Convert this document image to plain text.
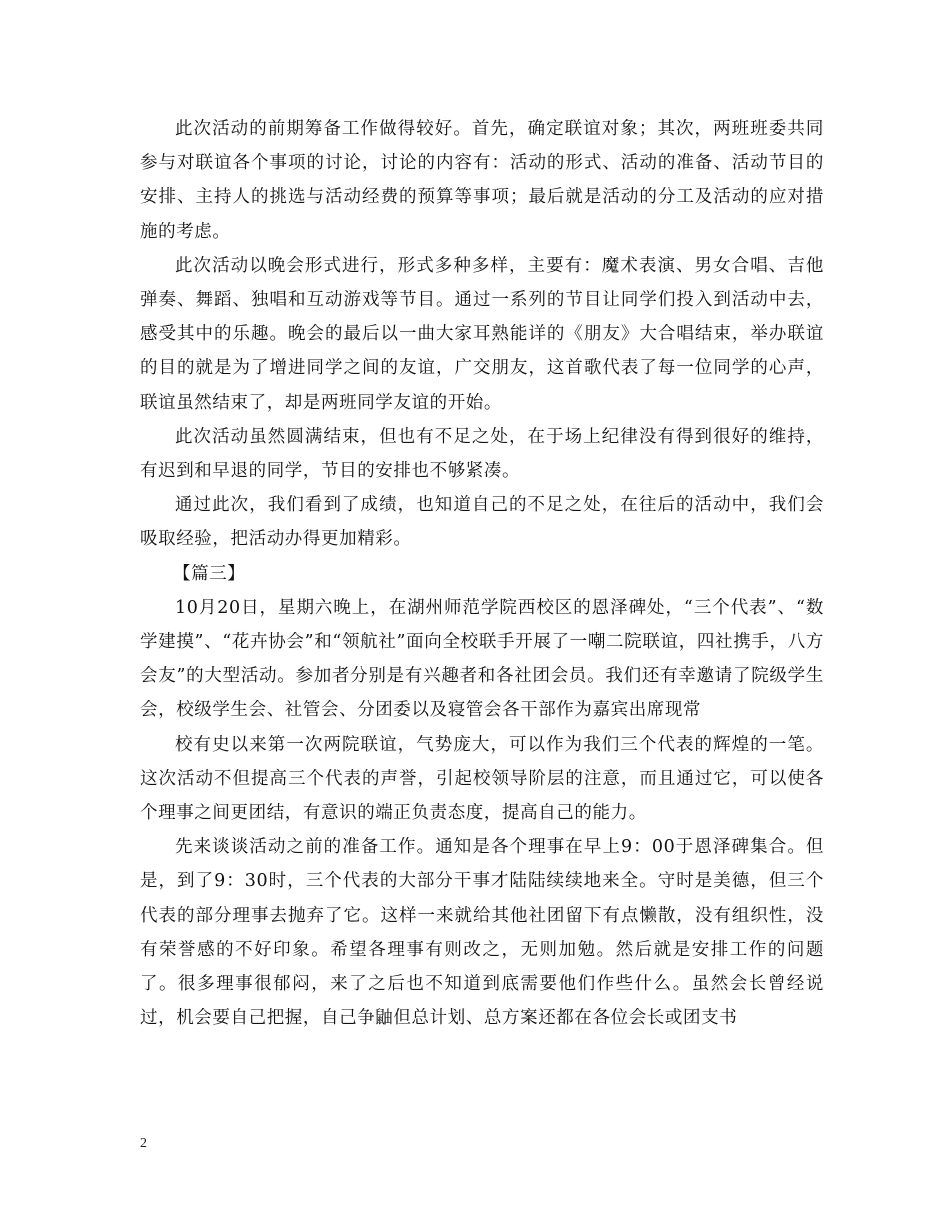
此次活动的前期筹备工作做得较好。首先，确定联谊对象；其次，两班班委共同参与对联谊各个事项的讨论，讨论的内容有：活动的形式、活动的准备、活动节目的安排、主持人的挑选与活动经费的预算等事项；最后就是活动的分工及活动的应对措施的考虑。

此次活动以晚会形式进行，形式多种多样，主要有：魔术表演、男女合唱、吉他弹奏、舞蹈、独唱和互动游戏等节目。通过一系列的节目让同学们投入到活动中去，感受其中的乐趣。晚会的最后以一曲大家耳熟能详的《朋友》大合唱结束，举办联谊的目的就是为了增进同学之间的友谊，广交朋友，这首歌代表了每一位同学的心声，联谊虽然结束了，却是两班同学友谊的开始。

此次活动虽然圆满结束，但也有不足之处，在于场上纪律没有得到很好的维持，有迟到和早退的同学，节目的安排也不够紧凑。

通过此次，我们看到了成绩，也知道自己的不足之处，在往后的活动中，我们会吸取经验，把活动办得更加精彩。

【篇三】

10月20日，星期六晚上，在湖州师范学院西校区的恩泽碑处，“三个代表”、“数学建摸”、“花卉协会”和“领航社”面向全校联手开展了一嘲二院联谊，四社携手，八方会友”的大型活动。参加者分别是有兴趣者和各社团会员。我们还有幸邀请了院级学生会，校级学生会、社管会、分团委以及寝管会各干部作为嘉宾出席现常

校有史以来第一次两院联谊，气势庞大，可以作为我们三个代表的辉煌的一笔。这次活动不但提高三个代表的声誉，引起校领导阶层的注意，而且通过它，可以使各个理事之间更团结，有意识的端正负责态度，提高自己的能力。

先来谈谈活动之前的准备工作。通知是各个理事在早上9：00于恩泽碑集合。但是，到了9：30时，三个代表的大部分干事才陆陆续续地来全。守时是美德，但三个代表的部分理事去抛弃了它。这样一来就给其他社团留下有点懒散，没有组织性，没有荣誉感的不好印象。希望各理事有则改之，无则加勉。然后就是安排工作的问题了。很多理事很郁闷，来了之后也不知道到底需要他们作些什么。虽然会长曾经说过，机会要自己把握，自己争鼬但总计划、总方案还都在各位会长或团支书

2
